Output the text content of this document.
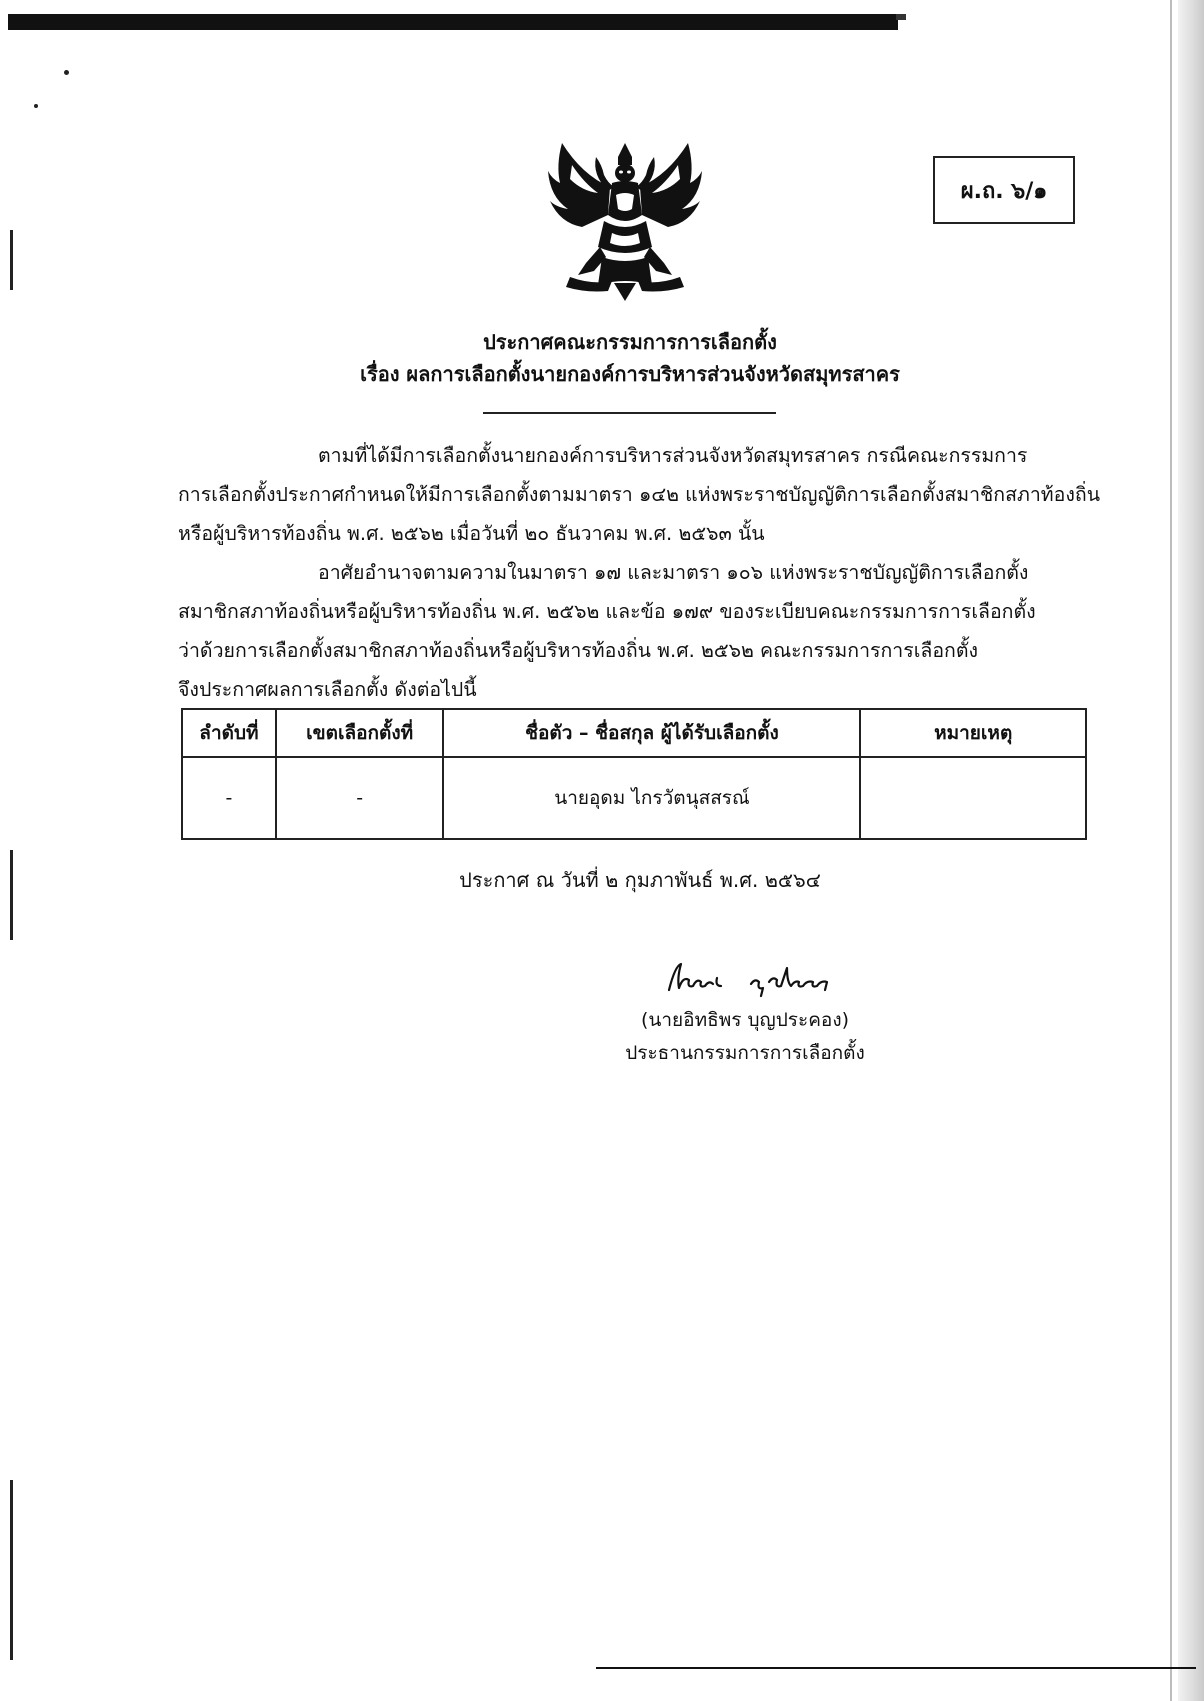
ผ.ถ. ๖/๑
ประกาศคณะกรรมการการเลือกตั้ง
เรื่อง ผลการเลือกตั้งนายกองค์การบริหารส่วนจังหวัดสมุทรสาคร
ตามที่ได้มีการเลือกตั้งนายกองค์การบริหารส่วนจังหวัดสมุทรสาคร กรณีคณะกรรมการ
การเลือกตั้งประกาศกำหนดให้มีการเลือกตั้งตามมาตรา ๑๔๒ แห่งพระราชบัญญัติการเลือกตั้งสมาชิกสภาท้องถิ่น
หรือผู้บริหารท้องถิ่น พ.ศ. ๒๕๖๒ เมื่อวันที่ ๒๐ ธันวาคม พ.ศ. ๒๕๖๓ นั้น
อาศัยอำนาจตามความในมาตรา ๑๗ และมาตรา ๑๐๖ แห่งพระราชบัญญัติการเลือกตั้ง
สมาชิกสภาท้องถิ่นหรือผู้บริหารท้องถิ่น พ.ศ. ๒๕๖๒ และข้อ ๑๗๙ ของระเบียบคณะกรรมการการเลือกตั้ง
ว่าด้วยการเลือกตั้งสมาชิกสภาท้องถิ่นหรือผู้บริหารท้องถิ่น พ.ศ. ๒๕๖๒ คณะกรรมการการเลือกตั้ง
จึงประกาศผลการเลือกตั้ง ดังต่อไปนี้
ลำดับที่	เขตเลือกตั้งที่	ชื่อตัว – ชื่อสกุล ผู้ได้รับเลือกตั้ง	หมายเหตุ
-	-	นายอุดม ไกรวัตนุสสรณ์	
ประกาศ ณ วันที่ ๒ กุมภาพันธ์ พ.ศ. ๒๕๖๔
(นายอิทธิพร บุญประคอง)
ประธานกรรมการการเลือกตั้ง
